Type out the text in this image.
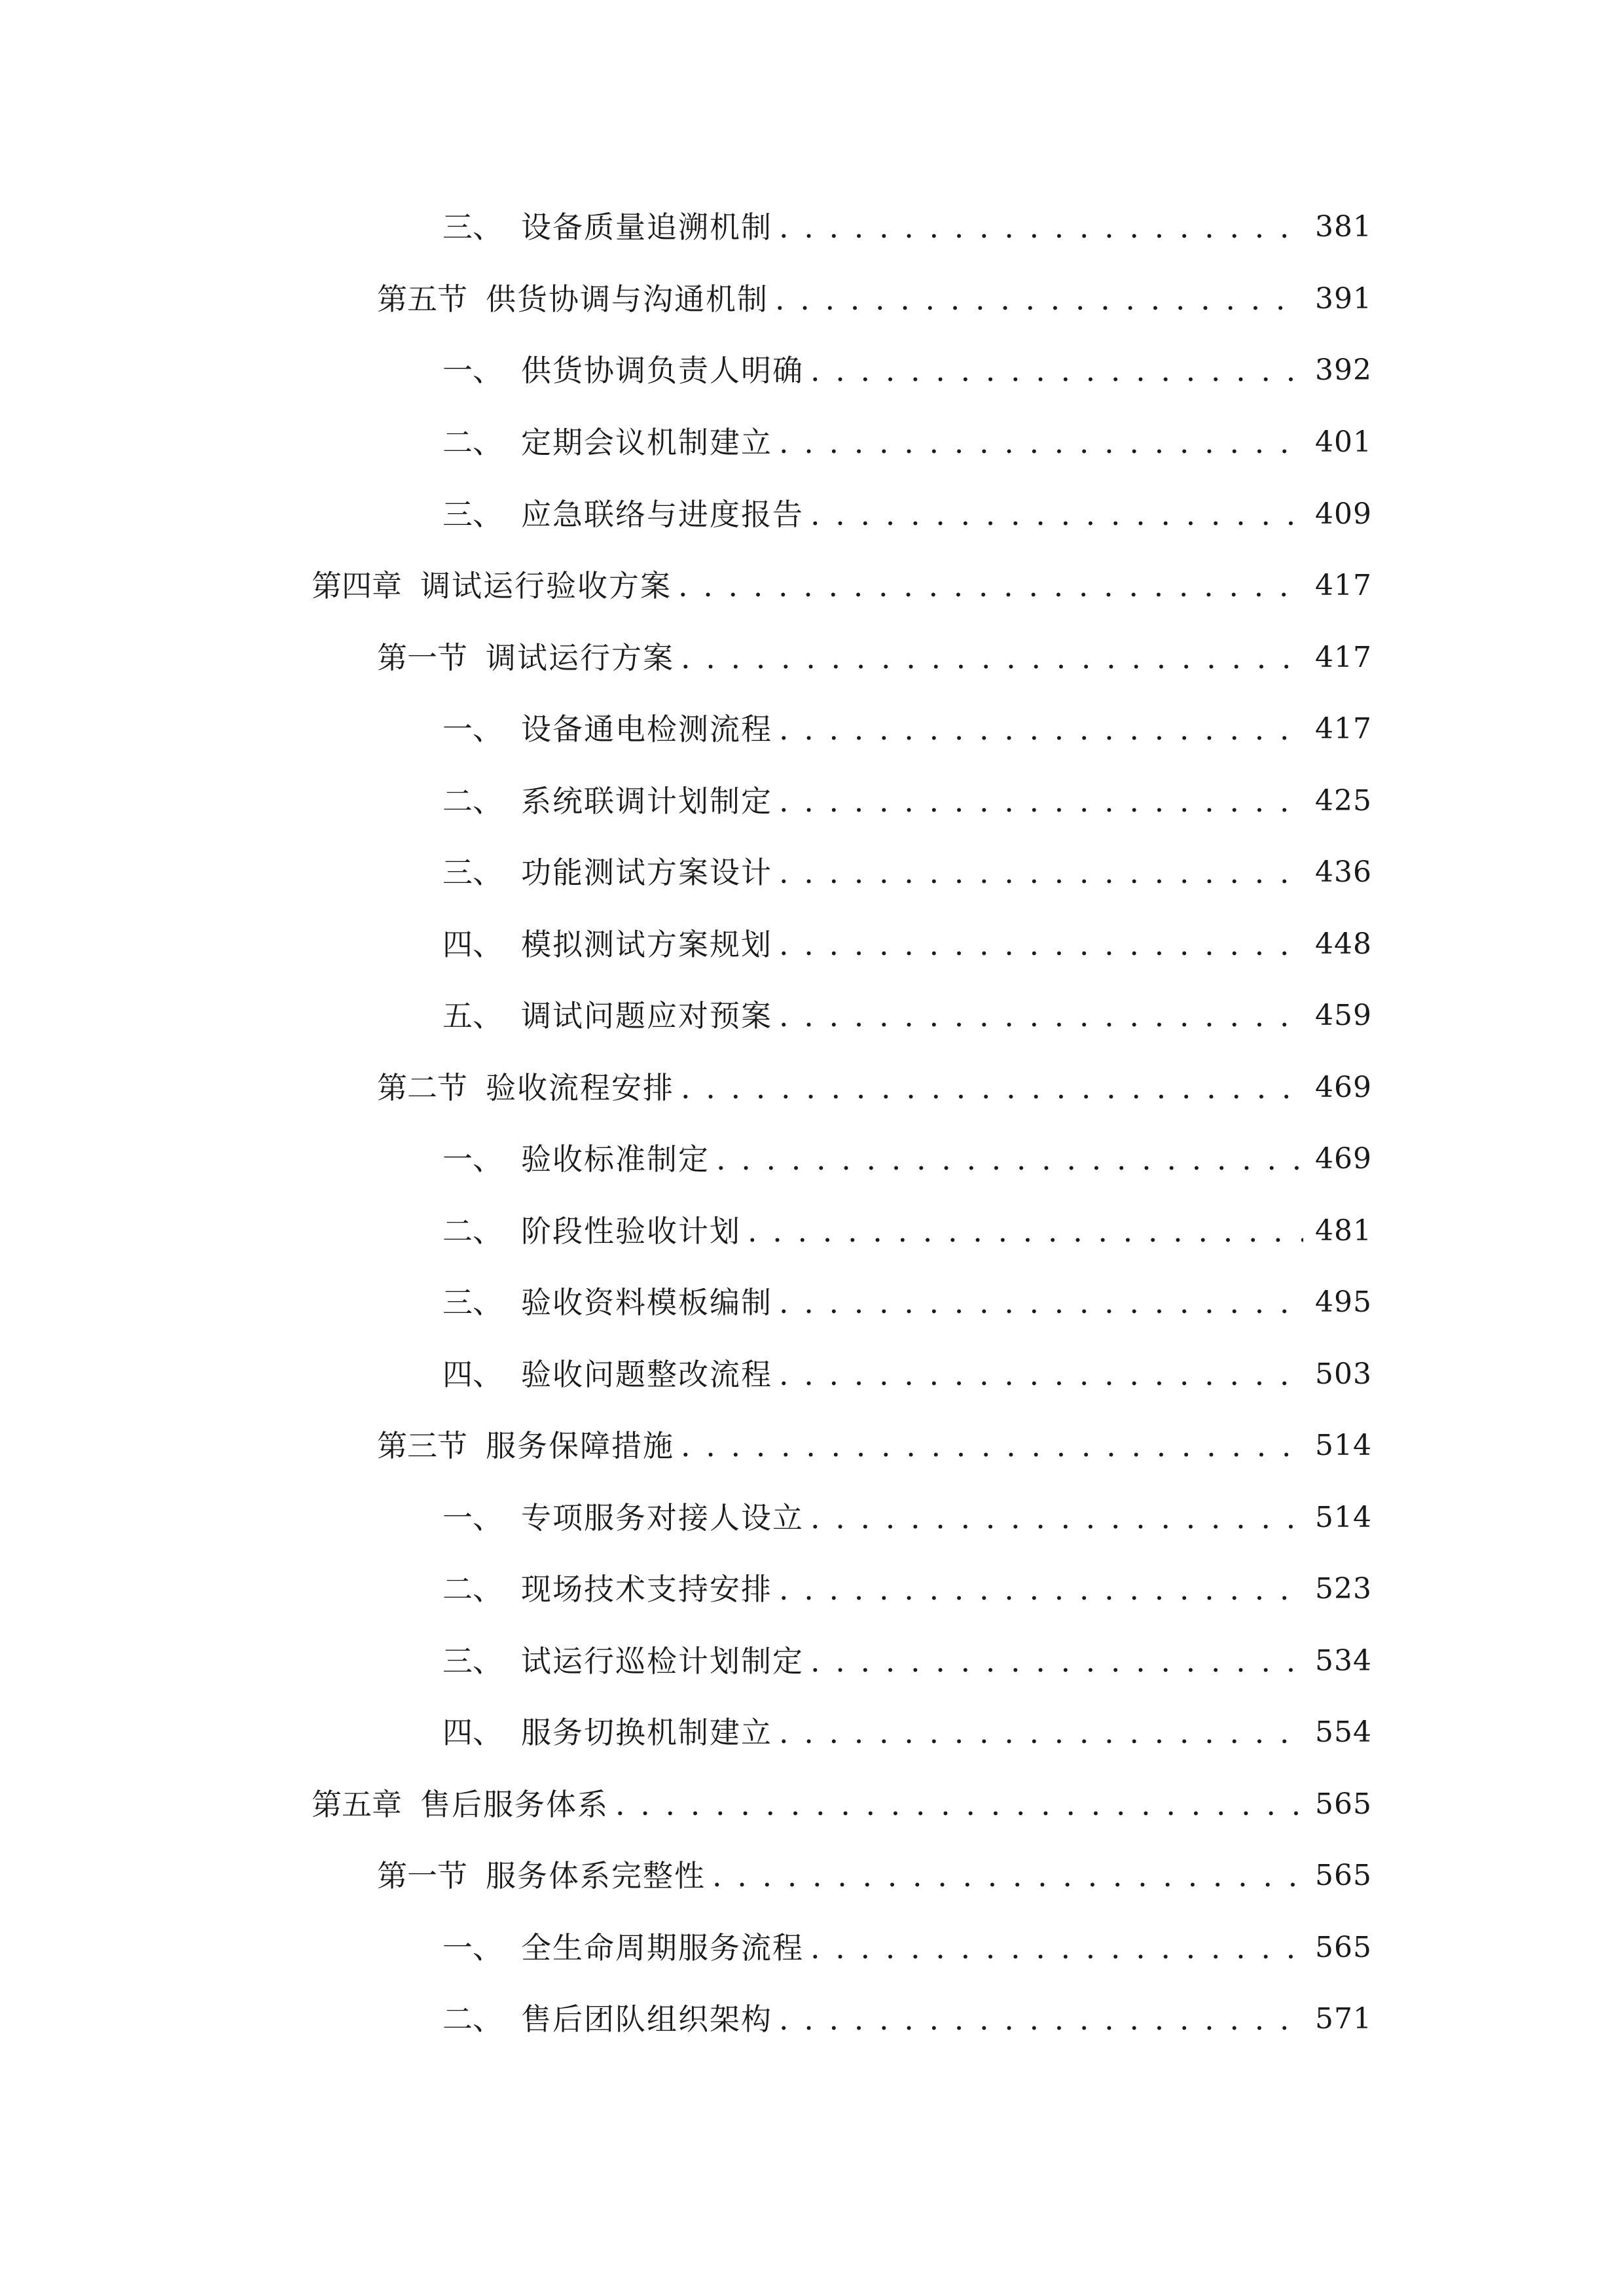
三、 设备质量追溯机制 . . .	381
第五节 供货协调与沟通机制 . . .	391
一、 供货协调负责人明确 . . .	392
二、 定期会议机制建立 . . .	401
三、 应急联络与进度报告 . . .	409
第四章 调试运行验收方案 . . .	417
第一节 调试运行方案 . . .	417
一、 设备通电检测流程 . . .	417
二、 系统联调计划制定 . . .	425
三、 功能测试方案设计 . . .	436
四、 模拟测试方案规划 . . .	448
五、 调试问题应对预案 . . .	459
第二节 验收流程安排 . . .	469
一、 验收标准制定 . . .	469
二、 阶段性验收计划 . . .	481
三、 验收资料模板编制 . . .	495
四、 验收问题整改流程 . . .	503
第三节 服务保障措施 . . .	514
一、 专项服务对接人设立 . . .	514
二、 现场技术支持安排 . . .	523
三、 试运行巡检计划制定 . . .	534
四、 服务切换机制建立 . . .	554
第五章 售后服务体系 . . .	565
第一节 服务体系完整性 . . .	565
一、 全生命周期服务流程 . . .	565
二、 售后团队组织架构 . . .	571
